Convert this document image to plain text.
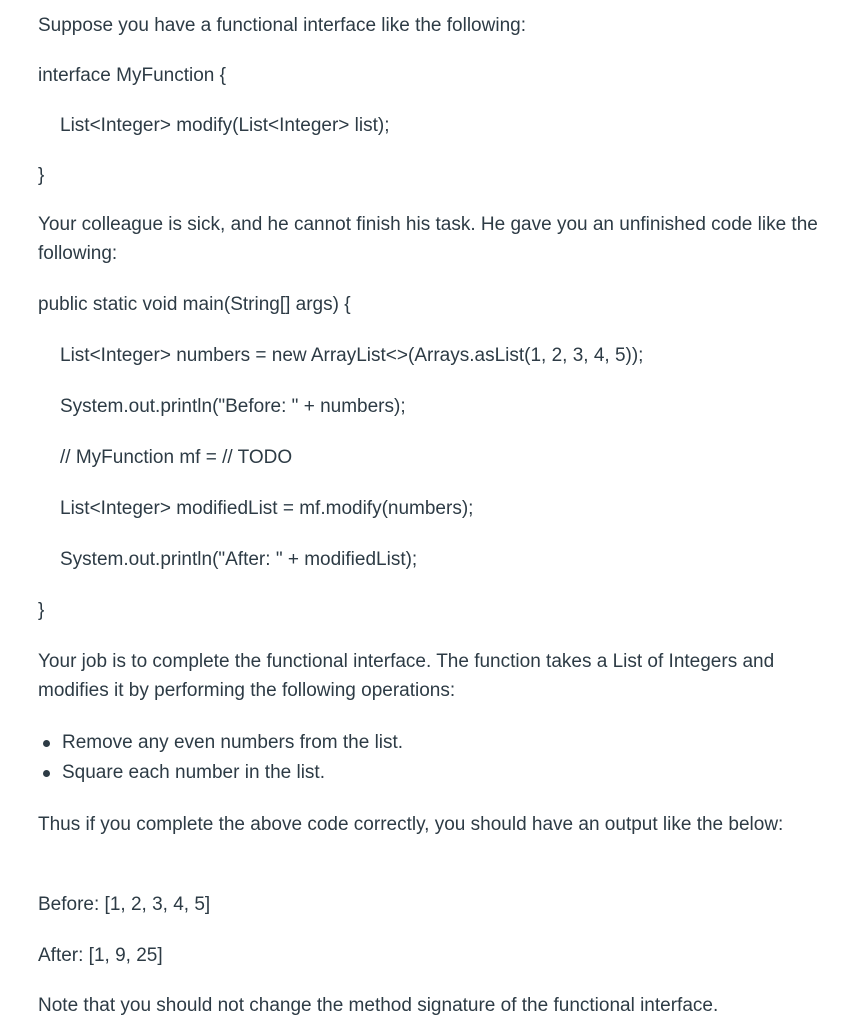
Suppose you have a functional interface like the following:
interface MyFunction {
List<Integer> modify(List<Integer> list);
}
Your colleague is sick, and he cannot finish his task. He gave you an unfinished code like the following:
public static void main(String[] args) {
List<Integer> numbers = new ArrayList<>(Arrays.asList(1, 2, 3, 4, 5));
System.out.println("Before: " + numbers);
// MyFunction mf = // TODO
List<Integer> modifiedList = mf.modify(numbers);
System.out.println("After: " + modifiedList);
}
Your job is to complete the functional interface. The function takes a List of Integers and modifies it by performing the following operations:
Remove any even numbers from the list.
Square each number in the list.
Thus if you complete the above code correctly, you should have an output like the below:
Before: [1, 2, 3, 4, 5]
After: [1, 9, 25]
Note that you should not change the method signature of the functional interface.
